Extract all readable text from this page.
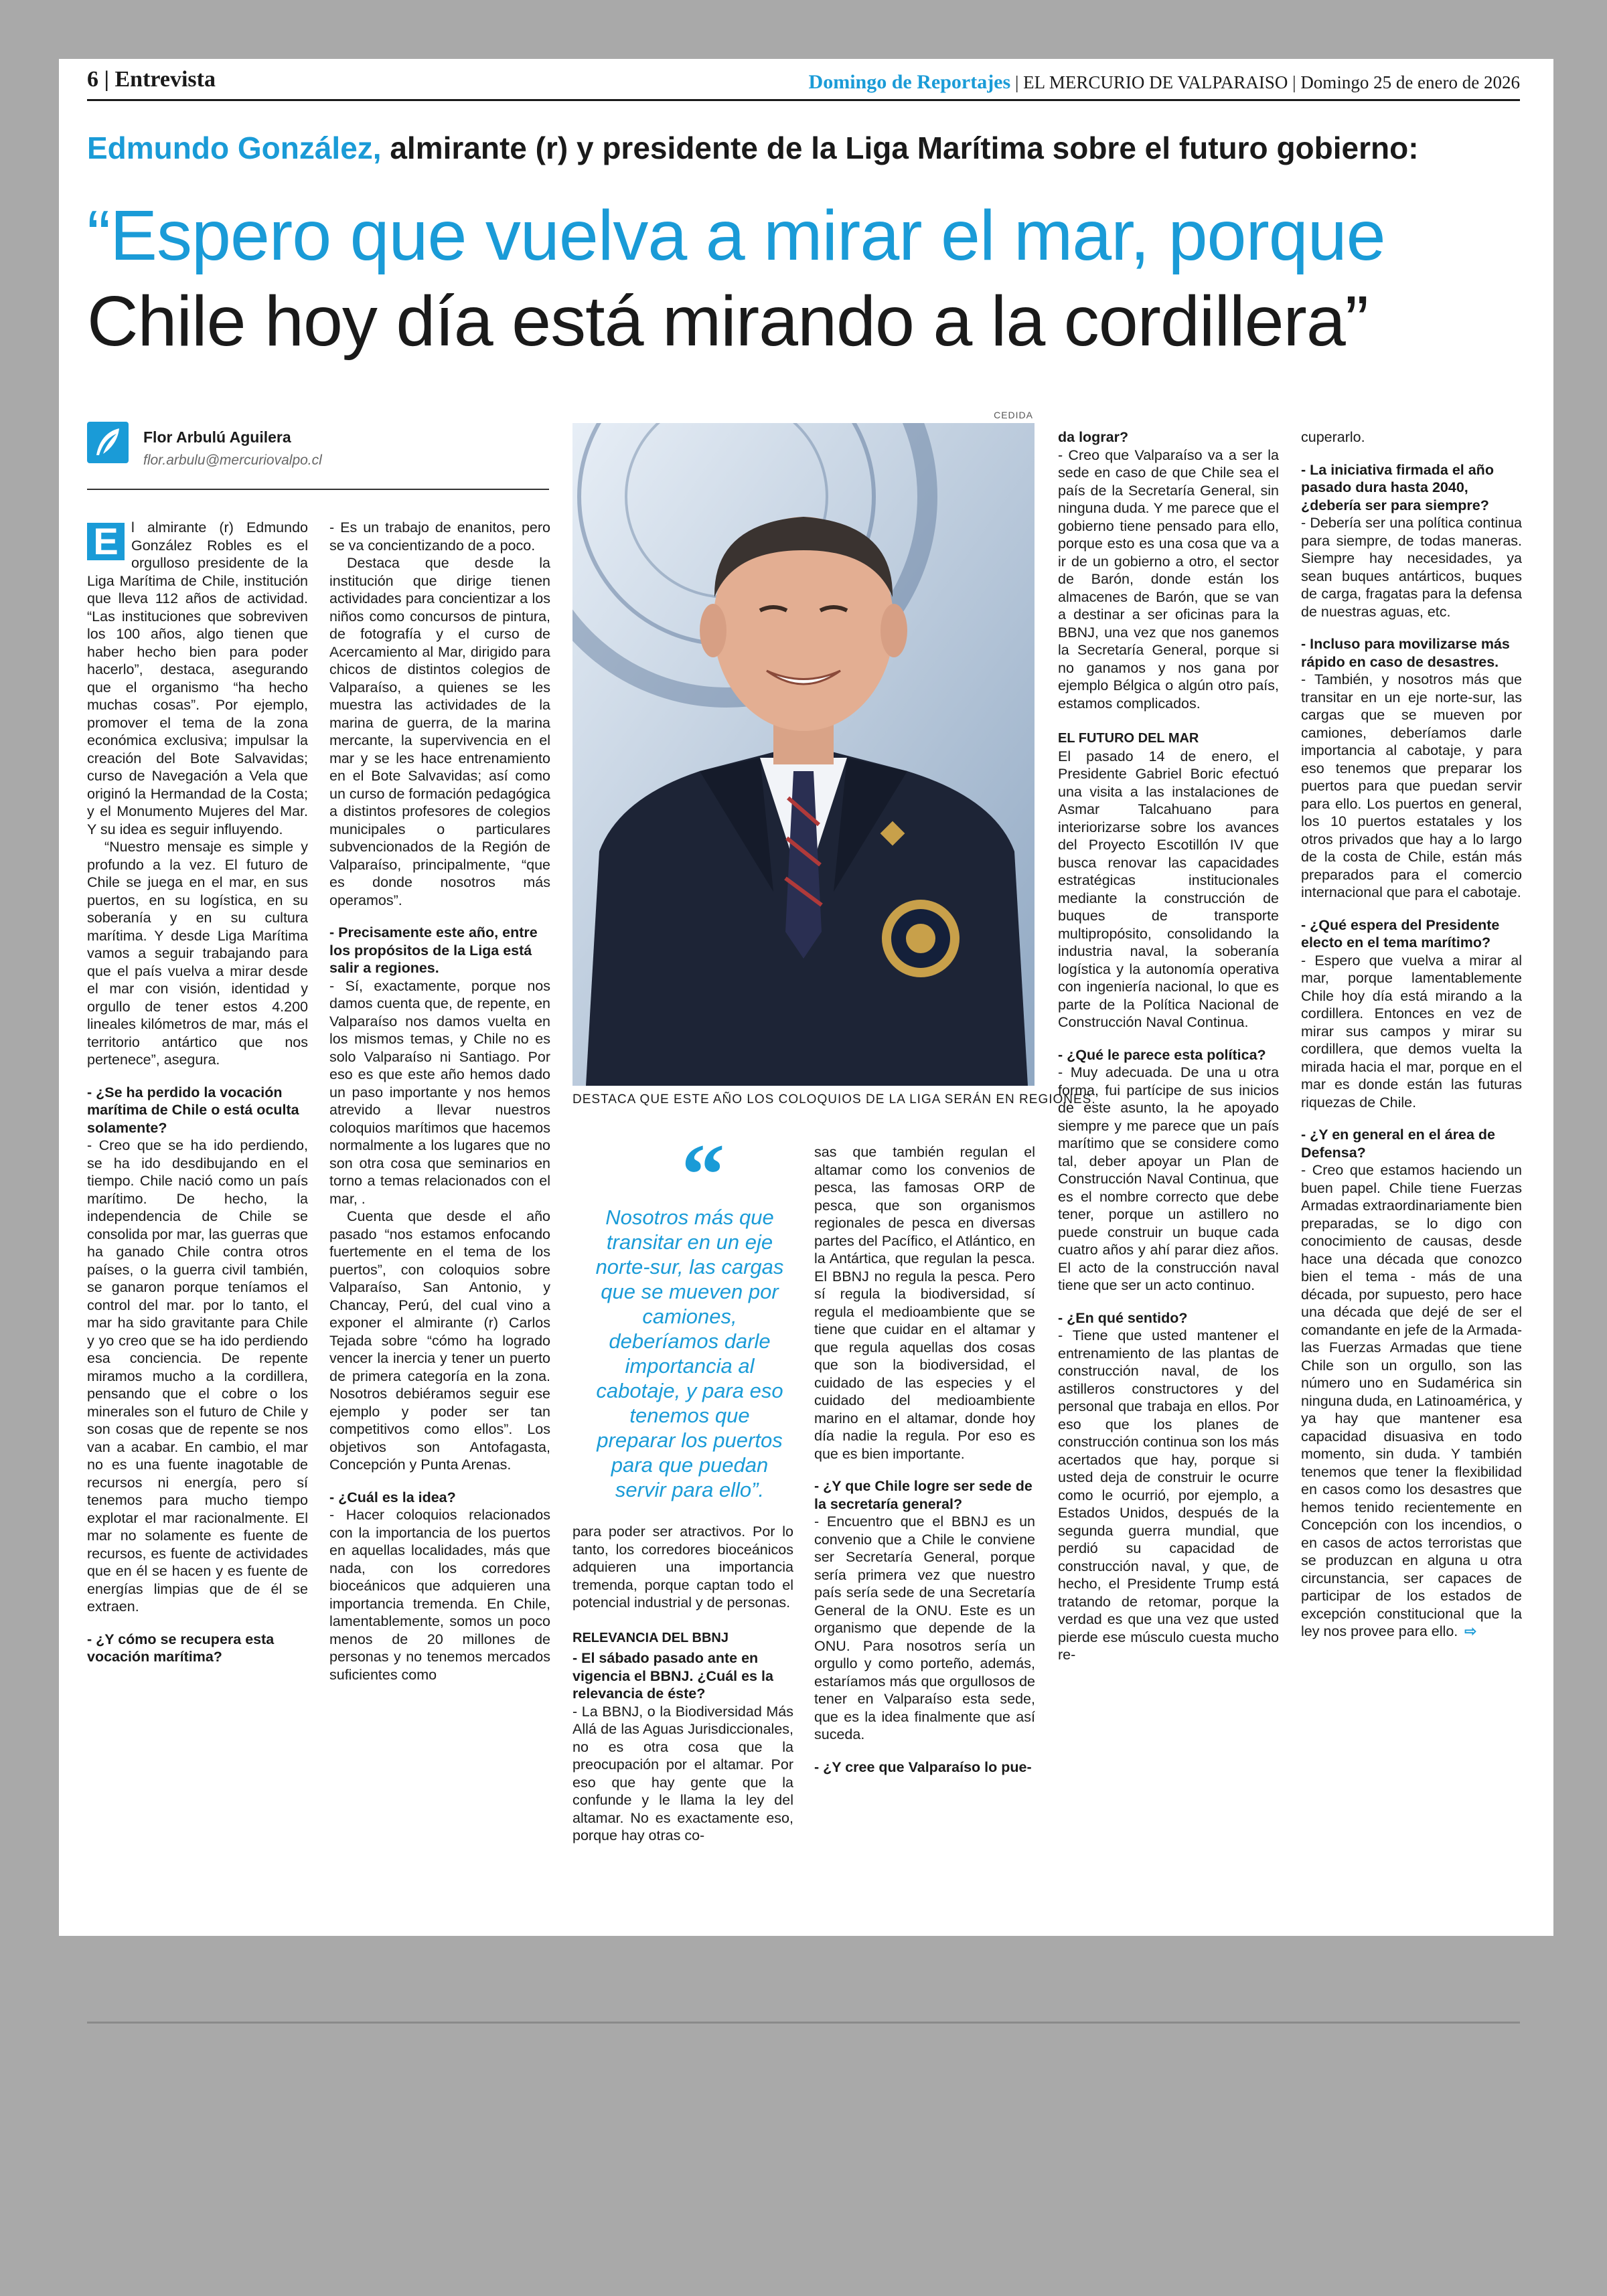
6 | Entrevista	Domingo de Reportajes | EL MERCURIO DE VALPARAISO | Domingo 25 de enero de 2026
Edmundo González, almirante (r) y presidente de la Liga Marítima sobre el futuro gobierno:
“Espero que vuelva a mirar el mar, porque
Chile hoy día está mirando a la cordillera”
Flor Arbulú Aguilera
flor.arbulu@mercuriovalpo.cl
CEDIDA
DESTACA QUE ESTE AÑO LOS COLOQUIOS DE LA LIGA SERÁN EN REGIONES.
“

Nosotros más que transitar en un eje norte-sur, las cargas que se mueven por camiones, deberíamos darle importancia al cabotaje, y para eso tenemos que preparar los puertos para que puedan servir para ello”.

E l almirante (r) Edmundo González Robles es el orgulloso presidente de la Liga Marítima de Chile, institución que lleva 112 años de actividad. “Las instituciones que sobreviven los 100 años, algo tienen que haber hecho bien para poder hacerlo”, destaca, asegurando que el organismo “ha hecho muchas cosas”. Por ejemplo, promover el tema de la zona económica exclusiva; impulsar la creación del Bote Salvavidas; curso de Navegación a Vela que originó la Hermandad de la Costa; y el Monumento Mujeres del Mar. Y su idea es seguir influyendo.

“Nuestro mensaje es simple y profundo a la vez. El futuro de Chile se juega en el mar, en sus puertos, en su logística, en su soberanía y en su cultura marítima. Y desde Liga Marítima vamos a seguir trabajando para que el país vuelva a mirar desde el mar con visión, identidad y orgullo de tener estos 4.200 lineales kilómetros de mar, más el territorio antártico que nos pertenece”, asegura.

- ¿Se ha perdido la vocación marítima de Chile o está oculta solamente?

- Creo que se ha ido perdiendo, se ha ido desdibujando en el tiempo. Chile nació como un país marítimo. De hecho, la independencia de Chile se consolida por mar, las guerras que ha ganado Chile contra otros países, o la guerra civil también, se ganaron porque teníamos el control del mar. por lo tanto, el mar ha sido gravitante para Chile y yo creo que se ha ido perdiendo esa conciencia. De repente miramos mucho a la cordillera, pensando que el cobre o los minerales son el futuro de Chile y son cosas que de repente se nos van a acabar. En cambio, el mar no es una fuente inagotable de recursos ni energía, pero sí tenemos para mucho tiempo explotar el mar racionalmente. El mar no solamente es fuente de recursos, es fuente de actividades que en él se hacen y es fuente de energías limpias que de él se extraen.

- ¿Y cómo se recupera esta vocación marítima?

- Es un trabajo de enanitos, pero se va concientizando de a poco.

Destaca que desde la institución que dirige tienen actividades para concientizar a los niños como concursos de pintura, de fotografía y el curso de Acercamiento al Mar, dirigido para chicos de distintos colegios de Valparaíso, a quienes se les muestra las actividades de la marina de guerra, de la marina mercante, la supervivencia en el mar y se les hace entrenamiento en el Bote Salvavidas; así como un curso de formación pedagógica a distintos profesores de colegios municipales o particulares subvencionados de la Región de Valparaíso, principalmente, “que es donde nosotros más operamos”.

- Precisamente este año, entre los propósitos de la Liga está salir a regiones.

- Sí, exactamente, porque nos damos cuenta que, de repente, en Valparaíso nos damos vuelta en los mismos temas, y Chile no es solo Valparaíso ni Santiago. Por eso es que este año hemos dado un paso importante y nos hemos atrevido a llevar nuestros coloquios marítimos que hacemos normalmente a los lugares que no son otra cosa que seminarios en torno a temas relacionados con el mar, .

Cuenta que desde el año pasado “nos estamos enfocando fuertemente en el tema de los puertos”, con coloquios sobre Valparaíso, San Antonio, y Chancay, Perú, del cual vino a exponer el almirante (r) Carlos Tejada sobre “cómo ha logrado vencer la inercia y tener un puerto de primera categoría en la zona. Nosotros debiéramos seguir ese ejemplo y poder ser tan competitivos como ellos”. Los objetivos son Antofagasta, Concepción y Punta Arenas.

- ¿Cuál es la idea?

- Hacer coloquios relacionados con la importancia de los puertos en aquellas localidades, más que nada, con los corredores bioceánicos que adquieren una importancia tremenda. En Chile, lamentablemente, somos un poco menos de 20 millones de personas y no tenemos mercados suficientes como

para poder ser atractivos. Por lo tanto, los corredores bioceánicos adquieren una importancia tremenda, porque captan todo el potencial industrial y de personas.

RELEVANCIA DEL BBNJ

- El sábado pasado ante en vigencia el BBNJ. ¿Cuál es la relevancia de éste?

- La BBNJ, o la Biodiversidad Más Allá de las Aguas Jurisdiccionales, no es otra cosa que la preocupación por el altamar. Por eso que hay gente que la confunde y le llama la ley del altamar. No es exactamente eso, porque hay otras co-

sas que también regulan el altamar como los convenios de pesca, las famosas ORP de pesca, que son organismos regionales de pesca en diversas partes del Pacífico, el Atlántico, en la Antártica, que regulan la pesca. El BBNJ no regula la pesca. Pero sí regula la biodiversidad, sí regula el medioambiente que se tiene que cuidar en el altamar y que regula aquellas dos cosas que son la biodiversidad, el cuidado de las especies y el cuidado del medioambiente marino en el altamar, donde hoy día nadie la regula. Por eso es que es bien importante.

- ¿Y que Chile logre ser sede de la secretaría general?

- Encuentro que el BBNJ es un convenio que a Chile le conviene ser Secretaría General, porque sería primera vez que nuestro país sería sede de una Secretaría General de la ONU. Este es un organismo que depende de la ONU. Para nosotros sería un orgullo y como porteño, además, estaríamos más que orgullosos de tener en Valparaíso esta sede, que es la idea finalmente que así suceda.

- ¿Y cree que Valparaíso lo pue-

da lograr?

- Creo que Valparaíso va a ser la sede en caso de que Chile sea el país de la Secretaría General, sin ninguna duda. Y me parece que el gobierno tiene pensado para ello, porque esto es una cosa que va a ir de un gobierno a otro, el sector de Barón, donde están los almacenes de Barón, que se van a destinar a ser oficinas para la BBNJ, una vez que nos ganemos la Secretaría General, porque si no ganamos y nos gana por ejemplo Bélgica o algún otro país, estamos complicados.

EL FUTURO DEL MAR

El pasado 14 de enero, el Presidente Gabriel Boric efectuó una visita a las instalaciones de Asmar Talcahuano para interiorizarse sobre los avances del Proyecto Escotillón IV que busca renovar las capacidades estratégicas institucionales mediante la construcción de buques de transporte multipropósito, consolidando la industria naval, la soberanía logística y la autonomía operativa con ingeniería nacional, lo que es parte de la Política Nacional de Construcción Naval Continua.

- ¿Qué le parece esta política?

- Muy adecuada. De una u otra forma, fui partícipe de sus inicios de este asunto, la he apoyado siempre y me parece que un país marítimo que se considere como tal, deber apoyar un Plan de Construcción Naval Continua, que es el nombre correcto que debe tener, porque un astillero no puede construir un buque cada cuatro años y ahí parar diez años. El acto de la construcción naval tiene que ser un acto continuo.

- ¿En qué sentido?

- Tiene que usted mantener el entrenamiento de las plantas de construcción naval, de los astilleros constructores y del personal que trabaja en ellos. Por eso que los planes de construcción continua son los más acertados que hay, porque si usted deja de construir le ocurre como le ocurrió, por ejemplo, a Estados Unidos, después de la segunda guerra mundial, que perdió su capacidad de construcción naval, y que, de hecho, el Presidente Trump está tratando de retomar, porque la verdad es que una vez que usted pierde ese músculo cuesta mucho re-

cuperarlo.

- La iniciativa firmada el año pasado dura hasta 2040, ¿debería ser para siempre?

- Debería ser una política continua para siempre, de todas maneras. Siempre hay necesidades, ya sean buques antárticos, buques de carga, fragatas para la defensa de nuestras aguas, etc.

- Incluso para movilizarse más rápido en caso de desastres.

- También, y nosotros más que transitar en un eje norte-sur, las cargas que se mueven por camiones, deberíamos darle importancia al cabotaje, y para eso tenemos que preparar los puertos para que puedan servir para ello. Los puertos en general, los 10 puertos estatales y los otros privados que hay a lo largo de la costa de Chile, están más preparados para el comercio internacional que para el cabotaje.

- ¿Qué espera del Presidente electo en el tema marítimo?

- Espero que vuelva a mirar al mar, porque lamentablemente Chile hoy día está mirando a la cordillera. Entonces en vez de mirar sus campos y mirar su cordillera, que demos vuelta la mirada hacia el mar, porque en el mar es donde están las futuras riquezas de Chile.

- ¿Y en general en el área de Defensa?

- Creo que estamos haciendo un buen papel. Chile tiene Fuerzas Armadas extraordinariamente bien preparadas, se lo digo con conocimiento de causas, desde hace una década que conozco bien el tema - más de una década, por supuesto, pero hace una década que dejé de ser el comandante en jefe de la Armada- las Fuerzas Armadas que tiene Chile son un orgullo, son las número uno en Sudamérica sin ninguna duda, en Latinoamérica, y ya hay que mantener esa capacidad disuasiva en todo momento, sin duda. Y también tenemos que tener la flexibilidad en casos como los desastres que hemos tenido recientemente en Concepción con los incendios, o en casos de actos terroristas que se produzcan en alguna u otra circunstancia, ser capaces de participar de los estados de excepción constitucional que la ley nos provee para ello. ⇨
